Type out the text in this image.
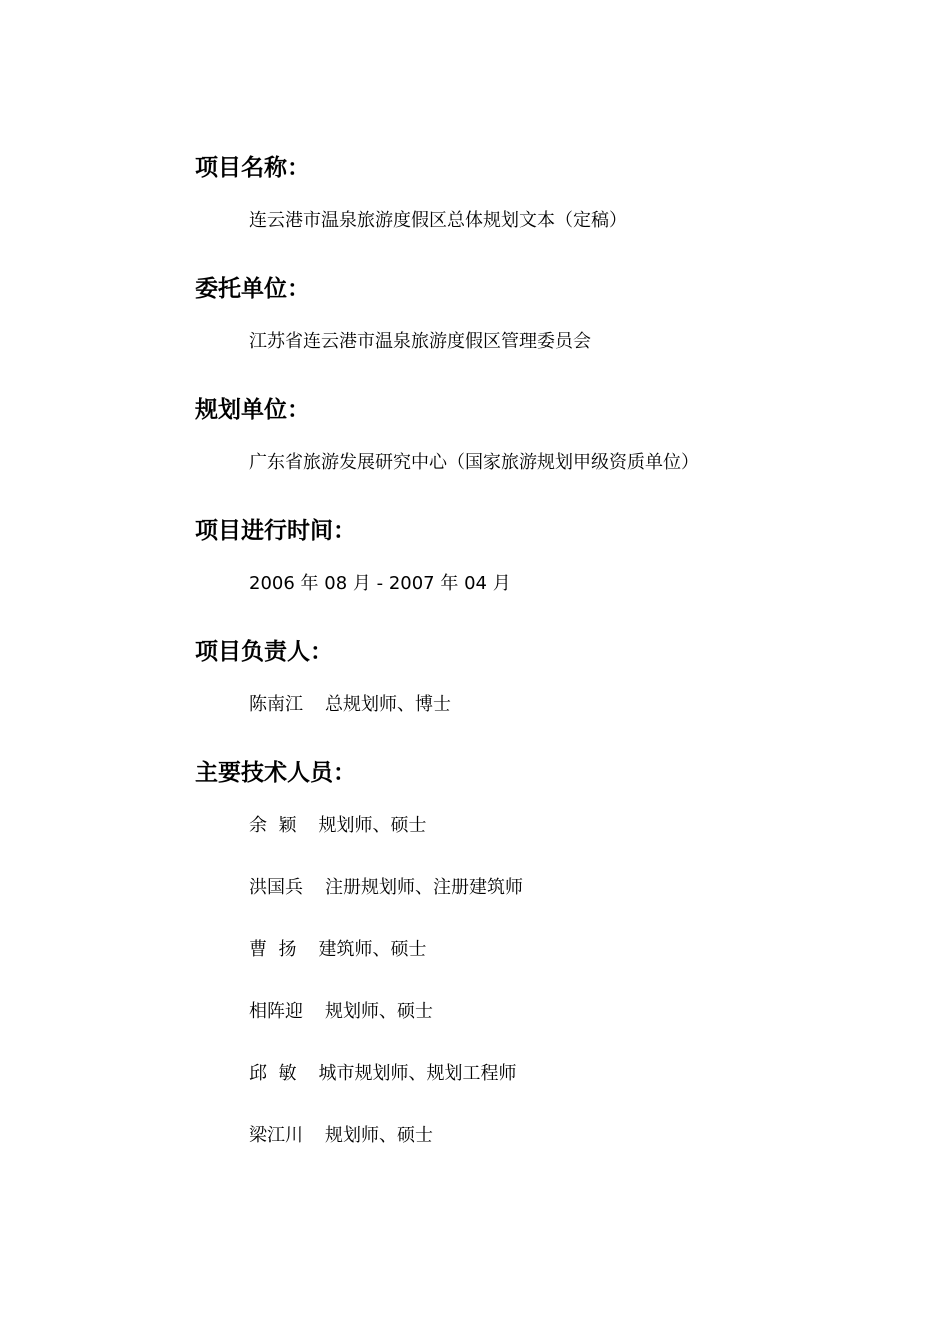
项目名称：
连云港市温泉旅游度假区总体规划文本（定稿）
委托单位：
江苏省连云港市温泉旅游度假区管理委员会
规划单位：
广东省旅游发展研究中心（国家旅游规划甲级资质单位）
项目进行时间：
2006 年 08 月 - 2007 年 04 月
项目负责人：
陈南江 总规划师、博士
主要技术人员：
余  颖 规划师、硕士
洪国兵 注册规划师、注册建筑师
曹  扬 建筑师、硕士
相阵迎 规划师、硕士
邱  敏 城市规划师、规划工程师
梁江川 规划师、硕士
